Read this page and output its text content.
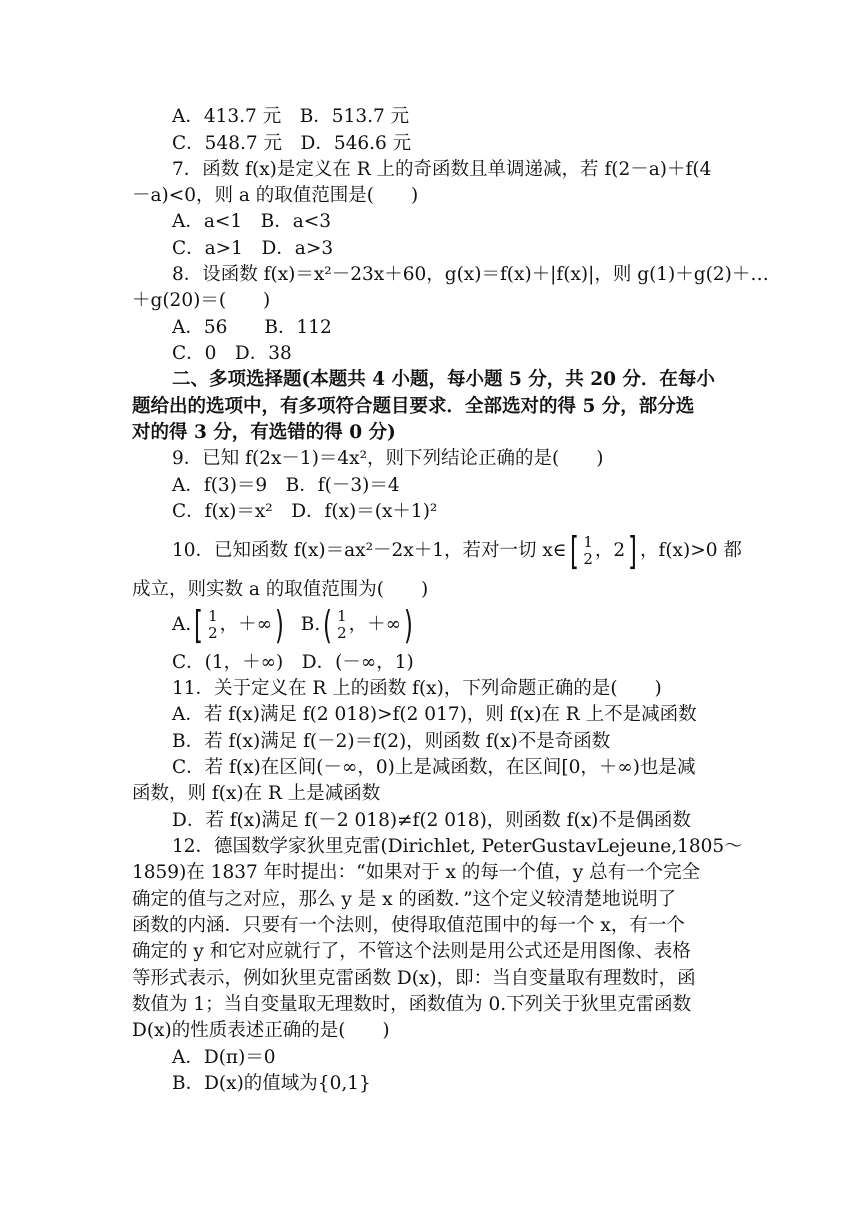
A．413.7 元　B．513.7 元
C．548.7 元　D．546.6 元
7．函数 f(x)是定义在 R 上的奇函数且单调递减，若 f(2－a)＋f(4
－a)<0，则 a 的取值范围是(　　)
A．a<1　B．a<3
C．a>1　D．a>3
8．设函数 f(x)＝x²－23x＋60，g(x)＝f(x)＋|f(x)|，则 g(1)＋g(2)＋…
＋g(20)＝(　　)
A．56　　B．112
C．0　D．38
二、多项选择题(本题共 4 小题，每小题 5 分，共 20 分．在每小
题给出的选项中，有多项符合题目要求．全部选对的得 5 分，部分选
对的得 3 分，有选错的得 0 分)
9．已知 f(2x－1)＝4x²，则下列结论正确的是(　　)
A．f(3)＝9　B．f(－3)＝4
C．f(x)＝x²　D．f(x)＝(x＋1)²
10．已知函数 f(x)＝ax²－2x＋1，若对一切 x∈[ 1
2 ，2] ，f(x)>0 都
成立，则实数 a 的取值范围为(　　)
A.[ 1
2 ，＋∞) B.( 1
2 ，＋∞)
C．(1，＋∞)　D．(－∞，1)
11．关于定义在 R 上的函数 f(x)，下列命题正确的是(　　)
A．若 f(x)满足 f(2 018)>f(2 017)，则 f(x)在 R 上不是减函数
B．若 f(x)满足 f(－2)＝f(2)，则函数 f(x)不是奇函数
C．若 f(x)在区间(－∞，0)上是减函数，在区间[0，＋∞)也是减
函数，则 f(x)在 R 上是减函数
D．若 f(x)满足 f(－2 018)≠f(2 018)，则函数 f(x)不是偶函数
12．德国数学家狄里克雷(Dirichlet, PeterGustavLejeune,1805～
1859)在 1837 年时提出：“如果对于 x 的每一个值，y 总有一个完全
确定的值与之对应，那么 y 是 x 的函数．”这个定义较清楚地说明了
函数的内涵．只要有一个法则，使得取值范围中的每一个 x，有一个
确定的 y 和它对应就行了，不管这个法则是用公式还是用图像、表格
等形式表示，例如狄里克雷函数 D(x)，即：当自变量取有理数时，函
数值为 1；当自变量取无理数时，函数值为 0.下列关于狄里克雷函数
D(x)的性质表述正确的是(　　)
A．D(π)＝0
B．D(x)的值域为{0,1}
